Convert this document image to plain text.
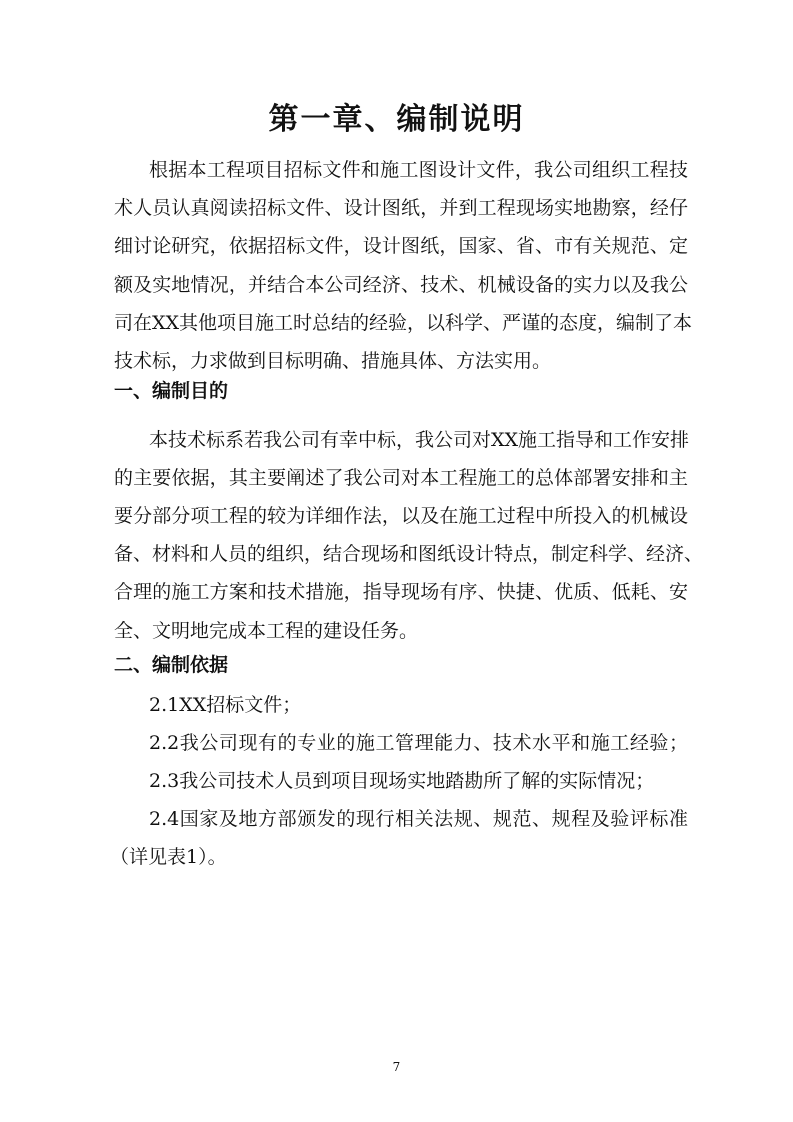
第一章、编制说明
根据本工程项目招标文件和施工图设计文件，我公司组织工程技
术人员认真阅读招标文件、设计图纸，并到工程现场实地勘察，经仔
细讨论研究，依据招标文件，设计图纸，国家、省、市有关规范、定
额及实地情况，并结合本公司经济、技术、机械设备的实力以及我公
司在XX其他项目施工时总结的经验，以科学、严谨的态度，编制了本
技术标，力求做到目标明确、措施具体、方法实用。
一、编制目的
本技术标系若我公司有幸中标，我公司对XX施工指导和工作安排
的主要依据，其主要阐述了我公司对本工程施工的总体部署安排和主
要分部分项工程的较为详细作法，以及在施工过程中所投入的机械设
备、材料和人员的组织，结合现场和图纸设计特点，制定科学、经济、
合理的施工方案和技术措施，指导现场有序、快捷、优质、低耗、安
全、文明地完成本工程的建设任务。
二、编制依据
2.1XX招标文件；
2.2我公司现有的专业的施工管理能力、技术水平和施工经验；
2.3我公司技术人员到项目现场实地踏勘所了解的实际情况；
2.4国家及地方部颁发的现行相关法规、规范、规程及验评标准
（详见表1）。
7
